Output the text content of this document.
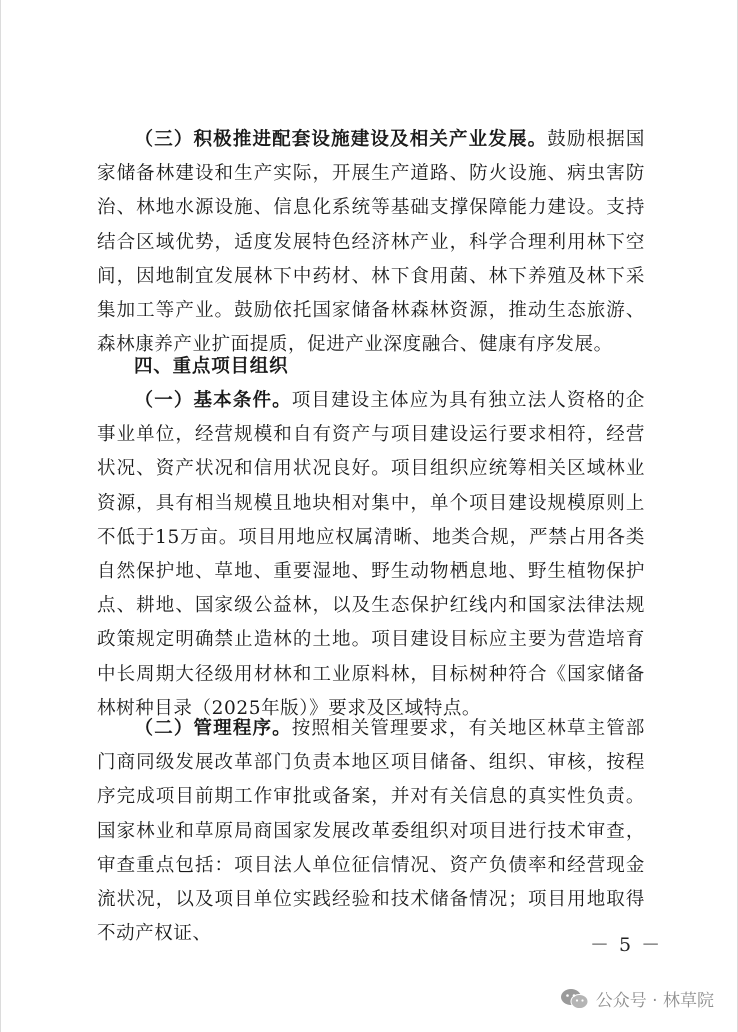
（三）积极推进配套设施建设及相关产业发展。鼓励根据国家储备林建设和生产实际，开展生产道路、防火设施、病虫害防治、林地水源设施、信息化系统等基础支撑保障能力建设。支持结合区域优势，适度发展特色经济林产业，科学合理利用林下空间，因地制宜发展林下中药材、林下食用菌、林下养殖及林下采集加工等产业。鼓励依托国家储备林森林资源，推动生态旅游、森林康养产业扩面提质，促进产业深度融合、健康有序发展。
四、重点项目组织
（一）基本条件。项目建设主体应为具有独立法人资格的企事业单位，经营规模和自有资产与项目建设运行要求相符，经营状况、资产状况和信用状况良好。项目组织应统筹相关区域林业资源，具有相当规模且地块相对集中，单个项目建设规模原则上不低于15万亩。项目用地应权属清晰、地类合规，严禁占用各类自然保护地、草地、重要湿地、野生动物栖息地、野生植物保护点、耕地、国家级公益林，以及生态保护红线内和国家法律法规政策规定明确禁止造林的土地。项目建设目标应主要为营造培育中长周期大径级用材林和工业原料林，目标树种符合《国家储备林树种目录（2025年版）》要求及区域特点。
（二）管理程序。按照相关管理要求，有关地区林草主管部门商同级发展改革部门负责本地区项目储备、组织、审核，按程序完成项目前期工作审批或备案，并对有关信息的真实性负责。国家林业和草原局商国家发展改革委组织对项目进行技术审查，审查重点包括：项目法人单位征信情况、资产负债率和经营现金流状况，以及项目单位实践经验和技术储备情况；项目用地取得不动产权证、
－ 5 －
公众号 · 林草院
